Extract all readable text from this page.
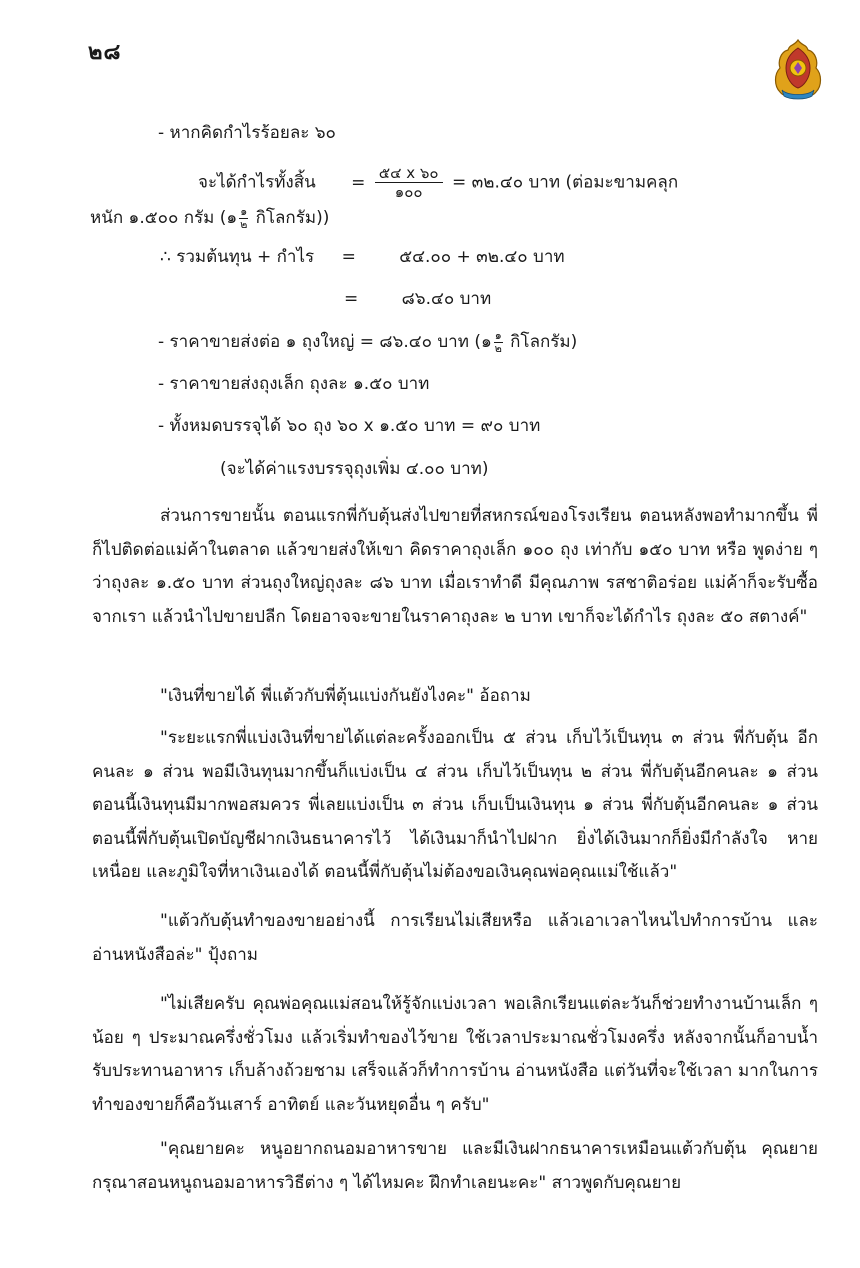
๒๘
- หากคิดกำไรร้อยละ ๖๐
จะได้กำไรทั้งสิ้น = $\frac{๕๔ x ๖๐}{๑๐๐}$ = ๓๒.๔๐ บาท (ต่อมะขามคลุก
หนัก ๑.๕๐๐ กรัม (๑ $\frac{๑}{๒}$ กิโลกรัม))
∴ รวมต้นทุน + กำไร =	๕๔.๐๐ + ๓๒.๔๐ บาท
=	๘๖.๔๐ บาท
- ราคาขายส่งต่อ ๑ ถุงใหญ่ = ๘๖.๔๐ บาท (๑ $\frac{๑}{๒}$ กิโลกรัม)
- ราคาขายส่งถุงเล็ก ถุงละ ๑.๕๐ บาท
- ทั้งหมดบรรจุได้ ๖๐ ถุง ๖๐ x ๑.๕๐ บาท = ๙๐ บาท
(จะได้ค่าแรงบรรจุถุงเพิ่ม ๔.๐๐ บาท)
ส่วนการขายนั้น ตอนแรกพี่กับตุ้นส่งไปขายที่สหกรณ์ของโรงเรียน ตอนหลังพอทำมากขึ้น พี่ก็ไปติดต่อแม่ค้าในตลาด แล้วขายส่งให้เขา คิดราคาถุงเล็ก ๑๐๐ ถุง เท่ากับ ๑๕๐ บาท หรือ พูดง่าย ๆ ว่าถุงละ ๑.๕๐ บาท ส่วนถุงใหญ่ถุงละ ๘๖ บาท เมื่อเราทำดี มีคุณภาพ รสชาติอร่อย แม่ค้าก็จะรับซื้อจากเรา แล้วนำไปขายปลีก โดยอาจจะขายในราคาถุงละ ๒ บาท เขาก็จะได้กำไร ถุงละ ๕๐ สตางค์"
"เงินที่ขายได้ พี่แต้วกับพี่ตุ้นแบ่งกันยังไงคะ" อ้อถาม
"ระยะแรกพี่แบ่งเงินที่ขายได้แต่ละครั้งออกเป็น ๕ ส่วน เก็บไว้เป็นทุน ๓ ส่วน พี่กับตุ้น อีกคนละ ๑ ส่วน พอมีเงินทุนมากขึ้นก็แบ่งเป็น ๔ ส่วน เก็บไว้เป็นทุน ๒ ส่วน พี่กับตุ้นอีกคนละ ๑ ส่วน ตอนนี้เงินทุนมีมากพอสมควร พี่เลยแบ่งเป็น ๓ ส่วน เก็บเป็นเงินทุน ๑ ส่วน พี่กับตุ้นอีกคนละ ๑ ส่วน ตอนนี้พี่กับตุ้นเปิดบัญชีฝากเงินธนาคารไว้ ได้เงินมาก็นำไปฝาก ยิ่งได้เงินมากก็ยิ่งมีกำลังใจ หายเหนื่อย และภูมิใจที่หาเงินเองได้ ตอนนี้พี่กับตุ้นไม่ต้องขอเงินคุณพ่อคุณแม่ใช้แล้ว"
"แต้วกับตุ้นทำของขายอย่างนี้ การเรียนไม่เสียหรือ แล้วเอาเวลาไหนไปทำการบ้าน และ อ่านหนังสือล่ะ" ปุ้งถาม
"ไม่เสียครับ คุณพ่อคุณแม่สอนให้รู้จักแบ่งเวลา พอเลิกเรียนแต่ละวันก็ช่วยทำงานบ้านเล็ก ๆ น้อย ๆ ประมาณครึ่งชั่วโมง แล้วเริ่มทำของไว้ขาย ใช้เวลาประมาณชั่วโมงครึ่ง หลังจากนั้นก็อาบน้ำ รับประทานอาหาร เก็บล้างถ้วยชาม เสร็จแล้วก็ทำการบ้าน อ่านหนังสือ แต่วันที่จะใช้เวลา มากในการทำของขายก็คือวันเสาร์ อาทิตย์ และวันหยุดอื่น ๆ ครับ"
"คุณยายคะ หนูอยากถนอมอาหารขาย และมีเงินฝากธนาคารเหมือนแต้วกับตุ้น คุณยาย กรุณาสอนหนูถนอมอาหารวิธีต่าง ๆ ได้ไหมคะ ฝึกทำเลยนะคะ" สาวพูดกับคุณยาย
